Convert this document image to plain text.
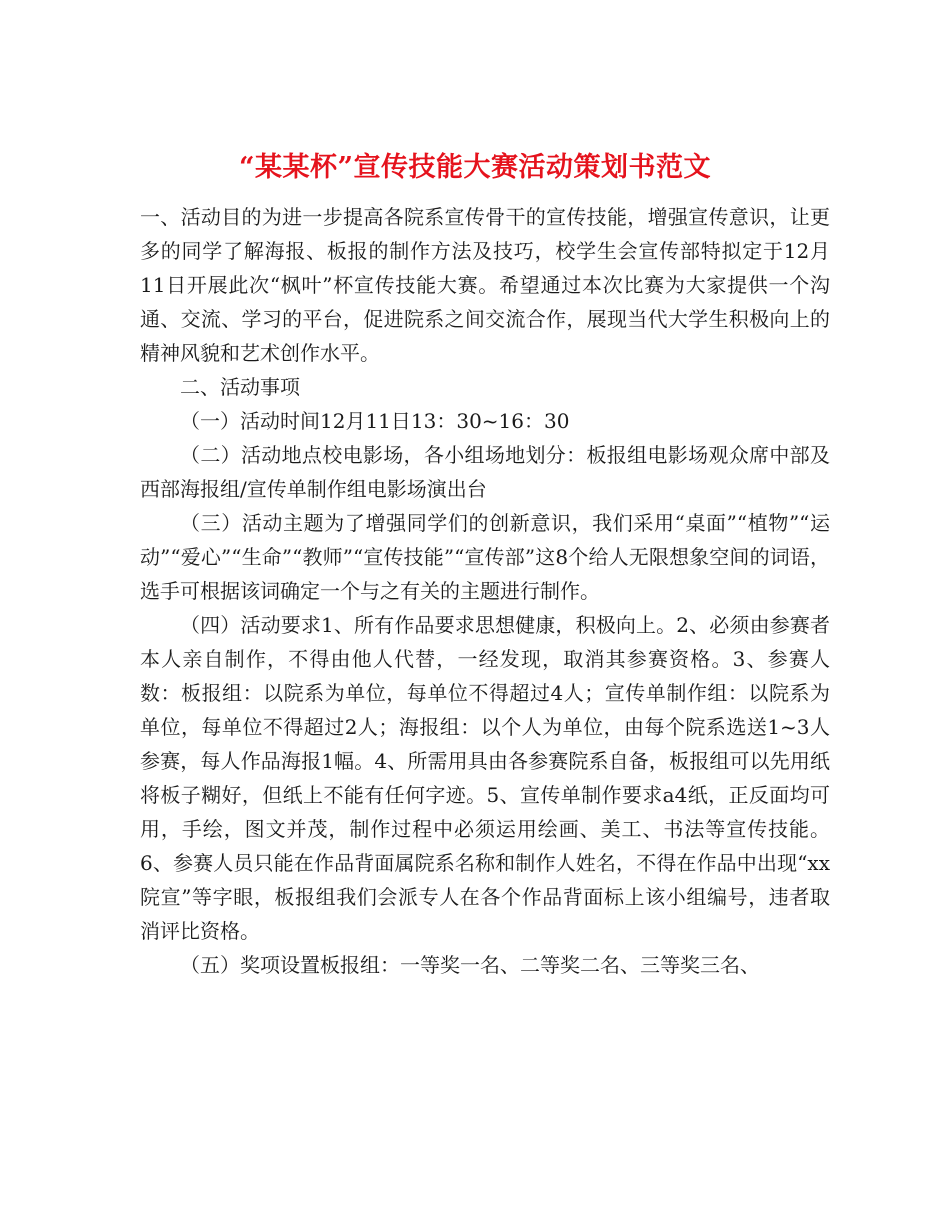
“某某杯”宣传技能大赛活动策划书范文

一、活动目的为进一步提高各院系宣传骨干的宣传技能，增强宣传意识，让更多的同学了解海报、板报的制作方法及技巧，校学生会宣传部特拟定于12月11日开展此次“枫叶”杯宣传技能大赛。希望通过本次比赛为大家提供一个沟通、交流、学习的平台，促进院系之间交流合作，展现当代大学生积极向上的精神风貌和艺术创作水平。

二、活动事项

（一）活动时间12月11日13：30~16：30

（二）活动地点校电影场，各小组场地划分：板报组电影场观众席中部及西部海报组/宣传单制作组电影场演出台

（三）活动主题为了增强同学们的创新意识，我们采用“桌面”“植物”“运动”“爱心”“生命”“教师”“宣传技能”“宣传部”这8个给人无限想象空间的词语，选手可根据该词确定一个与之有关的主题进行制作。

（四）活动要求1、所有作品要求思想健康，积极向上。2、必须由参赛者本人亲自制作，不得由他人代替，一经发现，取消其参赛资格。3、参赛人数：板报组：以院系为单位，每单位不得超过4人；宣传单制作组：以院系为单位，每单位不得超过2人；海报组：以个人为单位，由每个院系选送1~3人参赛，每人作品海报1幅。4、所需用具由各参赛院系自备，板报组可以先用纸将板子糊好，但纸上不能有任何字迹。5、宣传单制作要求a4纸，正反面均可用，手绘，图文并茂，制作过程中必须运用绘画、美工、书法等宣传技能。6、参赛人员只能在作品背面属院系名称和制作人姓名，不得在作品中出现“xx院宣”等字眼，板报组我们会派专人在各个作品背面标上该小组编号，违者取消评比资格。

（五）奖项设置板报组：一等奖一名、二等奖二名、三等奖三名、
